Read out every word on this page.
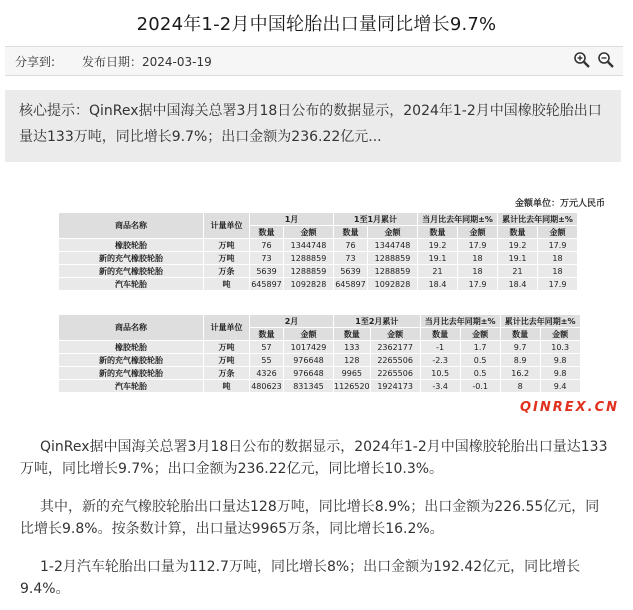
2024年1-2月中国轮胎出口量同比增长9.7%
分享到: 发布日期：2024-03-19
核心提示：QinRex据中国海关总署3月18日公布的数据显示，2024年1-2月中国橡胶轮胎出口量达133万吨，同比增长9.7%；出口金额为236.22亿元...
金额单位：万元人民币
商品名称	计量单位	1月		1至1月累计		当月比去年同期±%		累计比去年同期±%	
		数量	金额	数量	金额	数量	金额	数量	金额
橡胶轮胎	万吨	76	1344748	76	1344748	19.2	17.9	19.2	17.9
新的充气橡胶轮胎	万吨	73	1288859	73	1288859	19.1	18	19.1	18
新的充气橡胶轮胎	万条	5639	1288859	5639	1288859	21	18	21	18
汽车轮胎	吨	645897	1092828	645897	1092828	18.4	17.9	18.4	17.9
商品名称	计量单位	2月		1至2月累计		当月比去年同期±%		累计比去年同期±%	
		数量	金额	数量	金额	数量	金额	数量	金额
橡胶轮胎	万吨	57	1017429	133	2362177	-1	1.7	9.7	10.3
新的充气橡胶轮胎	万吨	55	976648	128	2265506	-2.3	0.5	8.9	9.8
新的充气橡胶轮胎	万条	4326	976648	9965	2265506	10.5	0.5	16.2	9.8
汽车轮胎	吨	480623	831345	1126520	1924173	-3.4	-0.1	8	9.4
QINREX.CN
QinRex据中国海关总署3月18日公布的数据显示，2024年1-2月中国橡胶轮胎出口量达133万吨，同比增长9.7%；出口金额为236.22亿元，同比增长10.3%。
其中，新的充气橡胶轮胎出口量达128万吨，同比增长8.9%；出口金额为226.55亿元，同比增长9.8%。按条数计算，出口量达9965万条，同比增长16.2%。
1-2月汽车轮胎出口量为112.7万吨，同比增长8%；出口金额为192.42亿元，同比增长9.4%。
